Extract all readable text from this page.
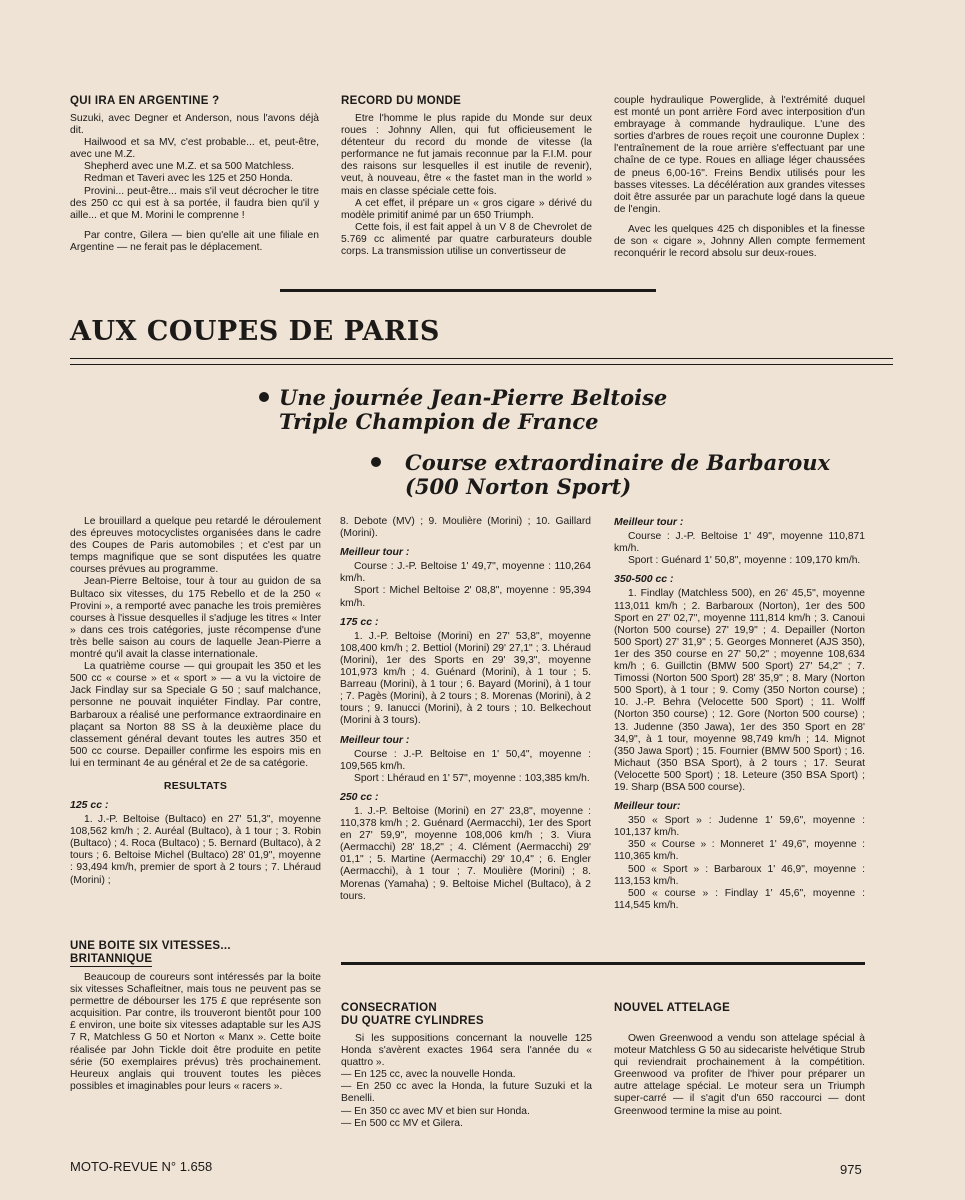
QUI IRA EN ARGENTINE ?

Suzuki, avec Degner et Anderson, nous l'avons déjà dit.

Hailwood et sa MV, c'est probable... et, peut-être, avec une M.Z.

Shepherd avec une M.Z. et sa 500 Matchless.

Redman et Taveri avec les 125 et 250 Honda.

Provini... peut-être... mais s'il veut décrocher le titre des 250 cc qui est à sa portée, il faudra bien qu'il y aille... et que M. Morini le comprenne !

Par contre, Gilera — bien qu'elle ait une filiale en Argentine — ne ferait pas le déplacement.

RECORD DU MONDE

Etre l'homme le plus rapide du Monde sur deux roues : Johnny Allen, qui fut officieusement le détenteur du record du monde de vitesse (la performance ne fut jamais reconnue par la F.I.M. pour des raisons sur lesquelles il est inutile de revenir), veut, à nouveau, être « the fastet man in the world » mais en classe spéciale cette fois.

A cet effet, il prépare un « gros cigare » dérivé du modèle primitif animé par un 650 Triumph.

Cette fois, il est fait appel à un V 8 de Chevrolet de 5.769 cc alimenté par quatre carburateurs double corps. La transmission utilise un convertisseur de

couple hydraulique Powerglide, à l'extrémité duquel est monté un pont arrière Ford avec interposition d'un embrayage à commande hydraulique. L'une des sorties d'arbres de roues reçoit une couronne Duplex : l'entraînement de la roue arrière s'effectuant par une chaîne de ce type. Roues en alliage léger chaussées de pneus 6,00-16". Freins Bendix utilisés pour les basses vitesses. La décélération aux grandes vitesses doit être assurée par un parachute logé dans la queue de l'engin.

Avec les quelques 425 ch disponibles et la finesse de son « cigare », Johnny Allen compte fermement reconquérir le record absolu sur deux-roues.

AUX COUPES DE PARIS
Une journée Jean-Pierre Beltoise
Triple Champion de France
Course extraordinaire de Barbaroux
(500 Norton Sport)

Le brouillard a quelque peu retardé le déroulement des épreuves motocyclistes organisées dans le cadre des Coupes de Paris automobiles ; et c'est par un temps magnifique que se sont disputées les quatre courses prévues au programme.

Jean-Pierre Beltoise, tour à tour au guidon de sa Bultaco six vitesses, du 175 Rebello et de la 250 « Provini », a remporté avec panache les trois premières courses à l'issue desquelles il s'adjuge les titres « Inter » dans ces trois catégories, juste récompense d'une très belle saison au cours de laquelle Jean-Pierre a montré qu'il avait la classe internationale.

La quatrième course — qui groupait les 350 et les 500 cc « course » et « sport » — a vu la victoire de Jack Findlay sur sa Speciale G 50 ; sauf malchance, personne ne pouvait inquiéter Findlay. Par contre, Barbaroux a réalisé une performance extraordinaire en plaçant sa Norton 88 SS à la deuxième place du classement général devant toutes les autres 350 et 500 cc course. Depailler confirme les espoirs mis en lui en terminant 4e au général et 2e de sa catégorie.

RESULTATS
125 cc :

1. J.-P. Beltoise (Bultaco) en 27' 51,3", moyenne 108,562 km/h ; 2. Auréal (Bultaco), à 1 tour ; 3. Robin (Bultaco) ; 4. Roca (Bultaco) ; 5. Bernard (Bultaco), à 2 tours ; 6. Beltoise Michel (Bultaco) 28' 01,9", moyenne : 93,494 km/h, premier de sport à 2 tours ; 7. Lhéraud (Morini) ;

8. Debote (MV) ; 9. Moulière (Morini) ; 10. Gaillard (Morini).

Meilleur tour :

Course : J.-P. Beltoise 1' 49,7", moyenne : 110,264 km/h.

Sport : Michel Beltoise 2' 08,8", moyenne : 95,394 km/h.

175 cc :

1. J.-P. Beltoise (Morini) en 27' 53,8", moyenne 108,400 km/h ; 2. Bettiol (Morini) 29' 27,1" ; 3. Lhéraud (Morini), 1er des Sports en 29' 39,3", moyenne 101,973 km/h ; 4. Guénard (Morini), à 1 tour ; 5. Barreau (Morini), à 1 tour ; 6. Bayard (Morini), à 1 tour ; 7. Pagès (Morini), à 2 tours ; 8. Morenas (Morini), à 2 tours ; 9. Ianucci (Morini), à 2 tours ; 10. Belkechout (Morini à 3 tours).

Meilleur tour :

Course : J.-P. Beltoise en 1' 50,4", moyenne : 109,565 km/h.

Sport : Lhéraud en 1' 57", moyenne : 103,385 km/h.

250 cc :

1. J.-P. Beltoise (Morini) en 27' 23,8", moyenne : 110,378 km/h ; 2. Guénard (Aermacchi), 1er des Sport en 27' 59,9", moyenne 108,006 km/h ; 3. Viura (Aermacchi) 28' 18,2" ; 4. Clément (Aermacchi) 29' 01,1" ; 5. Martine (Aermacchi) 29' 10,4" ; 6. Engler (Aermacchi), à 1 tour ; 7. Moulière (Morini) ; 8. Morenas (Yamaha) ; 9. Beltoise Michel (Bultaco), à 2 tours.

Meilleur tour :

Course : J.-P. Beltoise 1' 49", moyenne 110,871 km/h.

Sport : Guénard 1' 50,8", moyenne : 109,170 km/h.

350-500 cc :

1. Findlay (Matchless 500), en 26' 45,5", moyenne 113,011 km/h ; 2. Barbaroux (Norton), 1er des 500 Sport en 27' 02,7", moyenne 111,814 km/h ; 3. Canoui (Norton 500 course) 27' 19,9" ; 4. Depailler (Norton 500 Sport) 27' 31,9" ; 5. Georges Monneret (AJS 350), 1er des 350 course en 27' 50,2" ; moyenne 108,634 km/h ; 6. Guillctin (BMW 500 Sport) 27' 54,2" ; 7. Timossi (Norton 500 Sport) 28' 35,9" ; 8. Mary (Norton 500 Sport), à 1 tour ; 9. Comy (350 Norton course) ; 10. J.-P. Behra (Velocette 500 Sport) ; 11. Wolff (Norton 350 course) ; 12. Gore (Norton 500 course) ; 13. Judenne (350 Jawa), 1er des 350 Sport en 28' 34,9", à 1 tour, moyenne 98,749 km/h ; 14. Mignot (350 Jawa Sport) ; 15. Fournier (BMW 500 Sport) ; 16. Michaut (350 BSA Sport), à 2 tours ; 17. Seurat (Velocette 500 Sport) ; 18. Leteure (350 BSA Sport) ; 19. Sharp (BSA 500 course).

Meilleur tour:

350 « Sport » : Judenne 1' 59,6", moyenne : 101,137 km/h.

350 « Course » : Monneret 1' 49,6", moyenne : 110,365 km/h.

500 « Sport » : Barbaroux 1' 46,9", moyenne : 113,153 km/h.

500 « course » : Findlay 1' 45,6", moyenne : 114,545 km/h.

UNE BOITE SIX VITESSES...
BRITANNIQUE

Beaucoup de coureurs sont intéressés par la boite six vitesses Schafleitner, mais tous ne peuvent pas se permettre de débourser les 175 £ que représente son acquisition. Par contre, ils trouveront bientôt pour 100 £ environ, une boite six vitesses adaptable sur les AJS 7 R, Matchless G 50 et Norton « Manx ». Cette boite réalisée par John Tickle doit être produite en petite série (50 exemplaires prévus) très prochainement. Heureux anglais qui trouvent toutes les pièces possibles et imaginables pour leurs « racers ».

CONSECRATION
DU QUATRE CYLINDRES

Si les suppositions concernant la nouvelle 125 Honda s'avèrent exactes 1964 sera l'année du « quattro ».

— En 125 cc, avec la nouvelle Honda.

— En 250 cc avec la Honda, la future Suzuki et la Benelli.

— En 350 cc avec MV et bien sur Honda.

— En 500 cc MV et Gilera.

NOUVEL ATTELAGE

Owen Greenwood a vendu son attelage spécial à moteur Matchless G 50 au sidecariste helvétique Strub qui reviendrait prochainement à la compétition. Greenwood va profiter de l'hiver pour préparer un autre attelage spécial. Le moteur sera un Triumph super-carré — il s'agit d'un 650 raccourci — dont Greenwood termine la mise au point.

MOTO-REVUE N° 1.658	975
